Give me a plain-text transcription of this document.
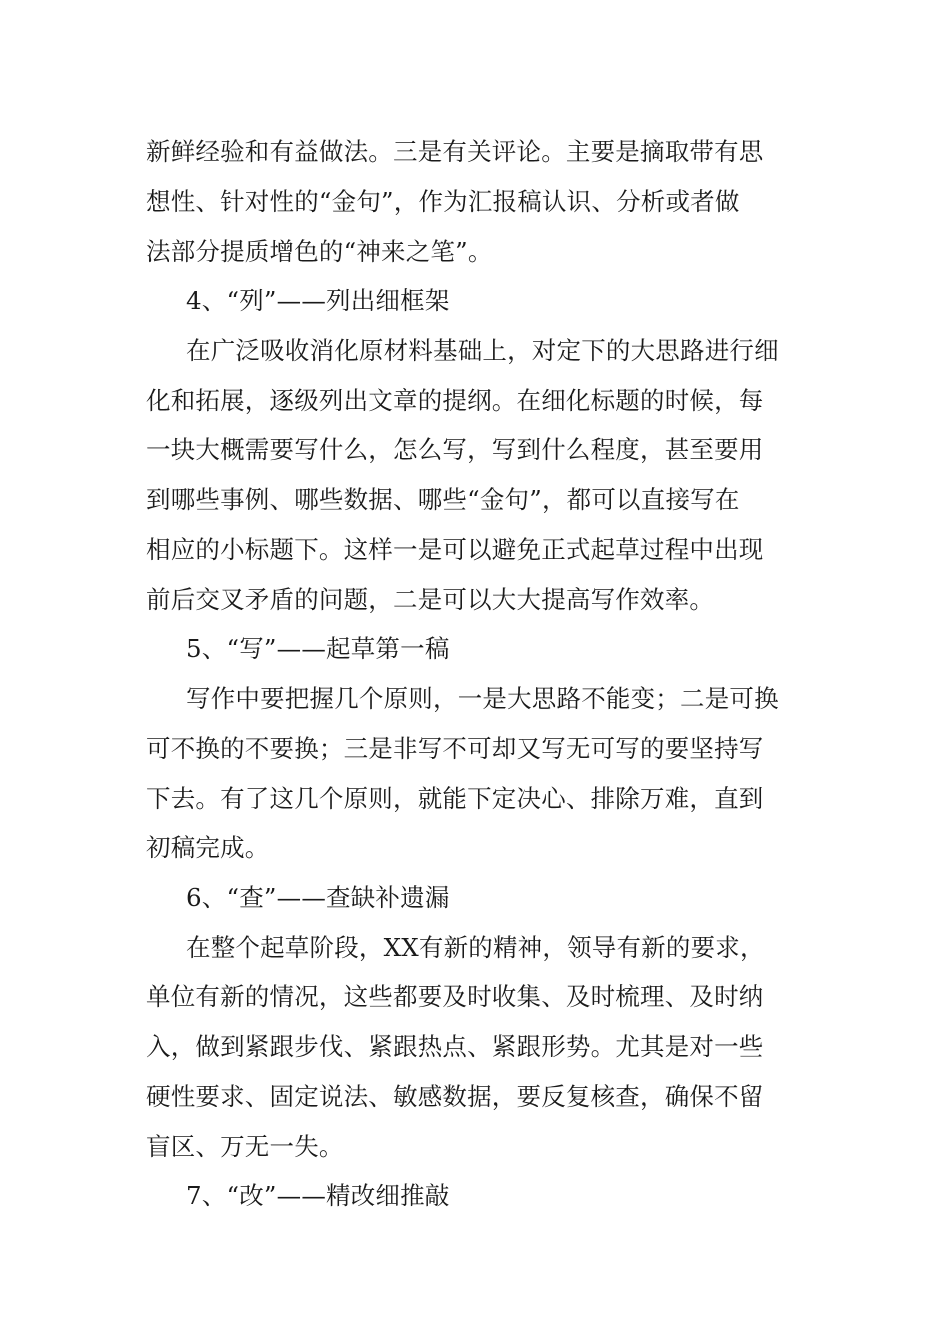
新鲜经验和有益做法。三是有关评论。主要是摘取带有思
想性、针对性的“金句”，作为汇报稿认识、分析或者做
法部分提质增色的“神来之笔”。
4、“列”——列出细框架
在广泛吸收消化原材料基础上，对定下的大思路进行细
化和拓展，逐级列出文章的提纲。在细化标题的时候，每
一块大概需要写什么，怎么写，写到什么程度，甚至要用
到哪些事例、哪些数据、哪些“金句”，都可以直接写在
相应的小标题下。这样一是可以避免正式起草过程中出现
前后交叉矛盾的问题，二是可以大大提高写作效率。
5、“写”——起草第一稿
写作中要把握几个原则，一是大思路不能变；二是可换
可不换的不要换；三是非写不可却又写无可写的要坚持写
下去。有了这几个原则，就能下定决心、排除万难，直到
初稿完成。
6、“查”——查缺补遗漏
在整个起草阶段，XX有新的精神，领导有新的要求，
单位有新的情况，这些都要及时收集、及时梳理、及时纳
入，做到紧跟步伐、紧跟热点、紧跟形势。尤其是对一些
硬性要求、固定说法、敏感数据，要反复核查，确保不留
盲区、万无一失。
7、“改”——精改细推敲
